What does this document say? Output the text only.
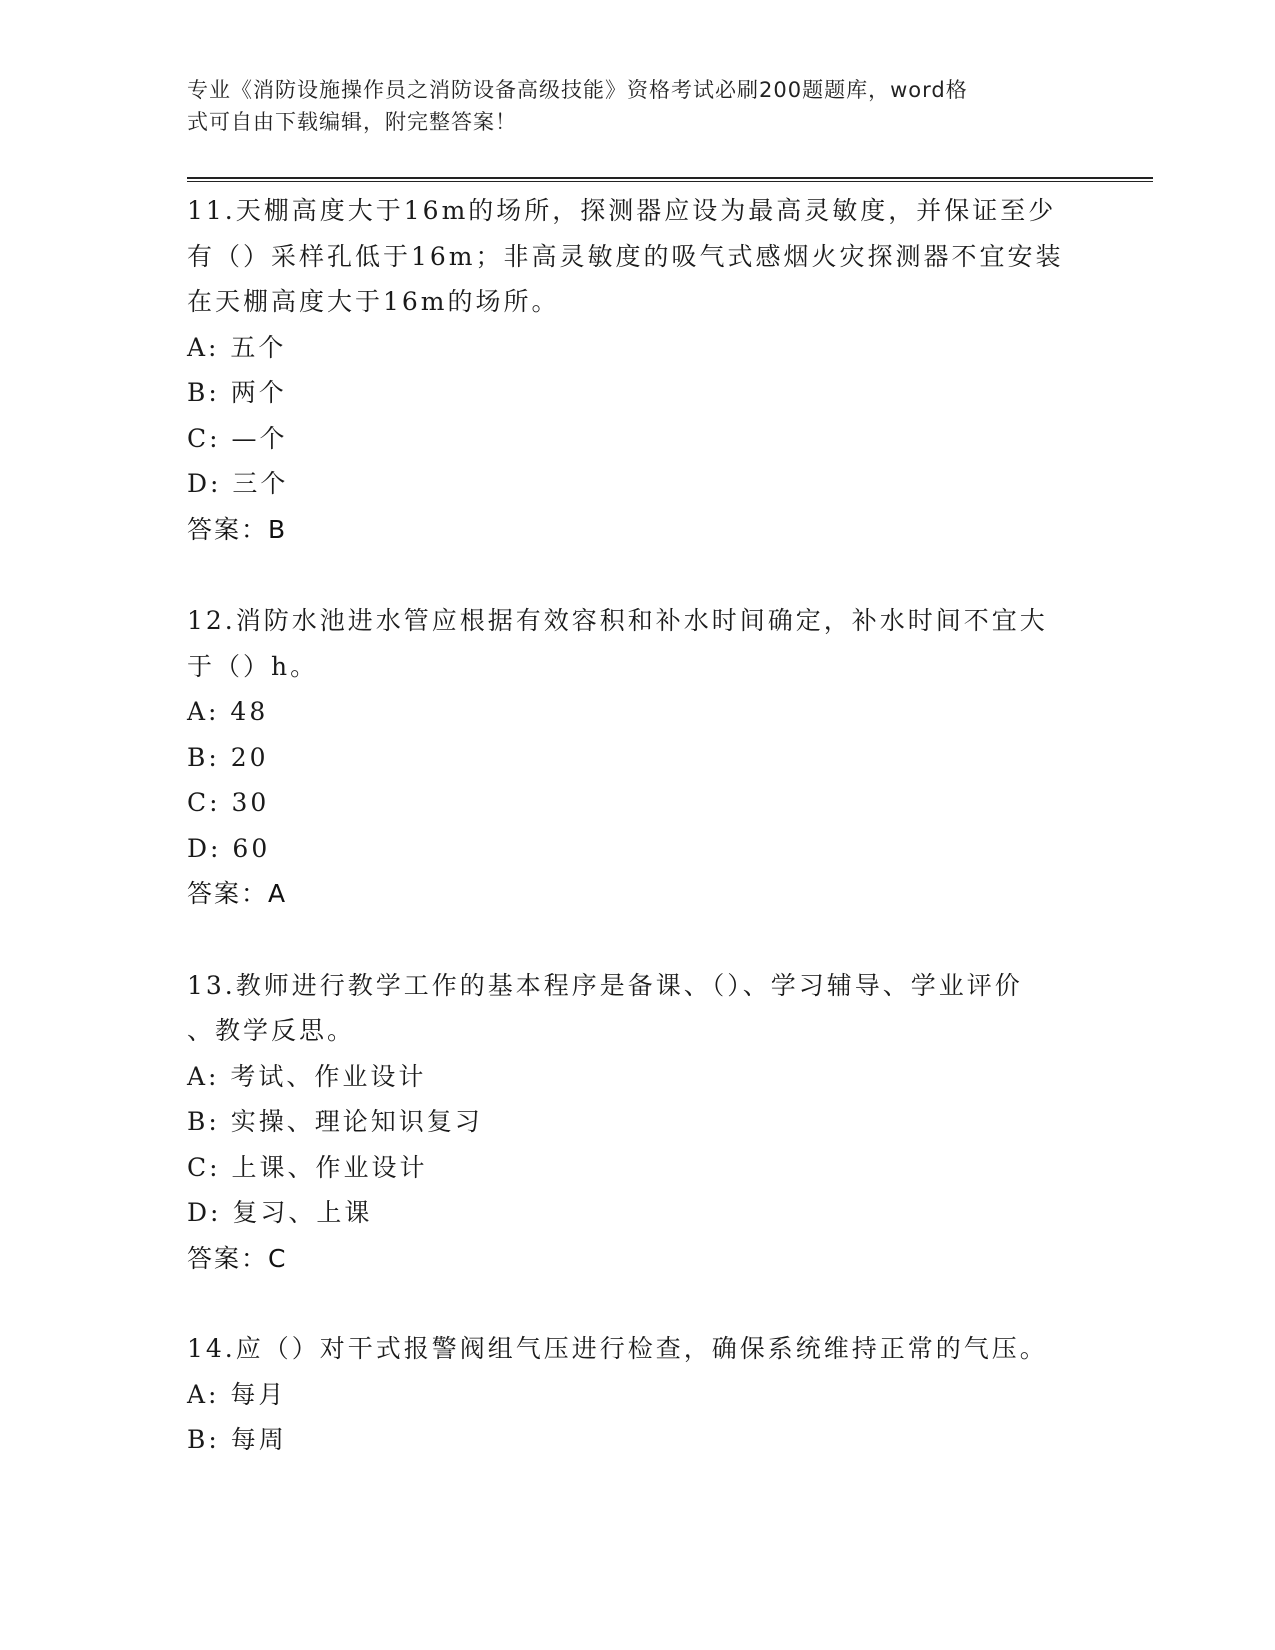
专业《消防设施操作员之消防设备高级技能》资格考试必刷200题题库，word格
式可自由下载编辑，附完整答案！
11.天棚高度大于16m的场所，探测器应设为最高灵敏度，并保证至少
有（）采样孔低于16m；非高灵敏度的吸气式感烟火灾探测器不宜安装
在天棚高度大于16m的场所。
A: 五个
B: 两个
C: —个
D: 三个
答案：B
12.消防水池进水管应根据有效容积和补水时间确定，补水时间不宜大
于（）h。
A: 48
B: 20
C: 30
D: 60
答案：A
13.教师进行教学工作的基本程序是备课、（）、学习辅导、学业评价
、教学反思。
A: 考试、作业设计
B: 实操、理论知识复习
C: 上课、作业设计
D: 复习、上课
答案：C
14.应（）对干式报警阀组气压进行检查，确保系统维持正常的气压。
A: 每月
B: 每周
